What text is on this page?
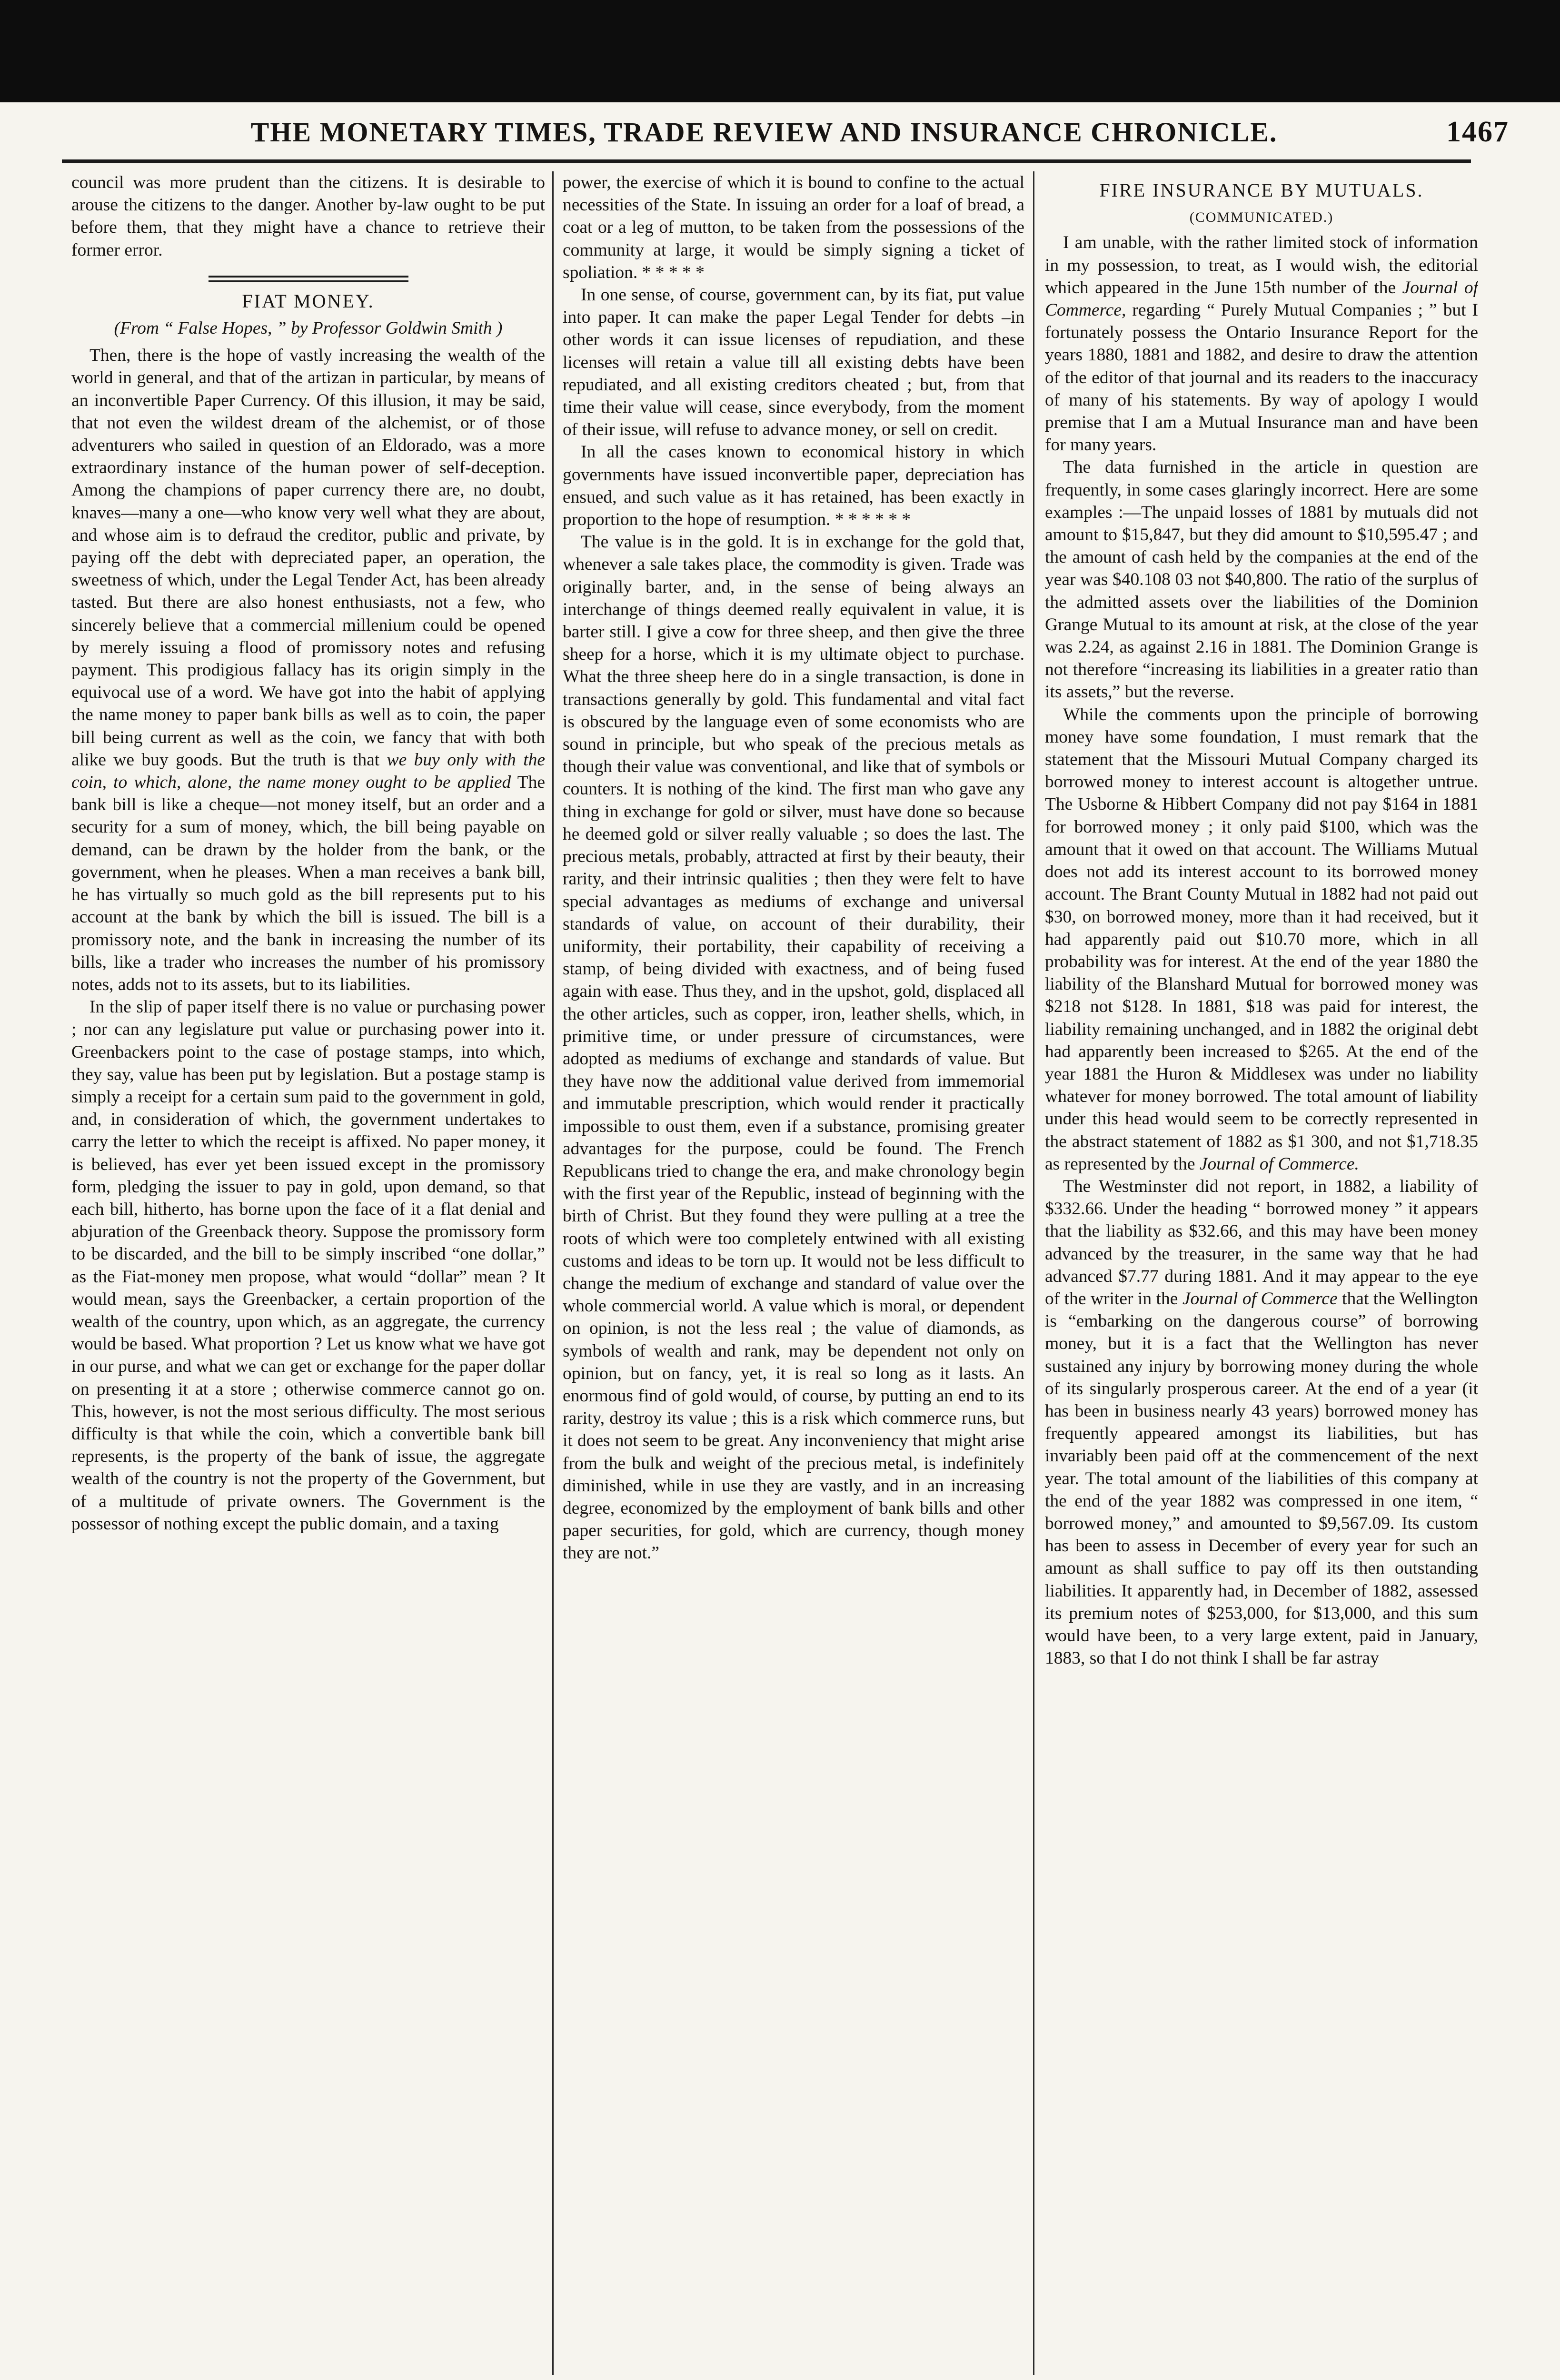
THE MONETARY TIMES, TRADE REVIEW AND INSURANCE CHRONICLE.	1467

council was more prudent than the citizens. It is desirable to arouse the citizens to the danger. Another by-law ought to be put before them, that they might have a chance to retrieve their former error.

FIAT MONEY.

(From “ False Hopes, ” by Professor Goldwin Smith )

Then, there is the hope of vastly increasing the wealth of the world in general, and that of the artizan in particular, by means of an inconvertible Paper Currency. Of this illusion, it may be said, that not even the wildest dream of the alchemist, or of those adventurers who sailed in question of an Eldorado, was a more extraordinary instance of the human power of self-deception. Among the champions of paper currency there are, no doubt, knaves—many a one—who know very well what they are about, and whose aim is to defraud the creditor, public and private, by paying off the debt with depreciated paper, an operation, the sweetness of which, under the Legal Tender Act, has been already tasted. But there are also honest enthusiasts, not a few, who sincerely believe that a commercial millenium could be opened by merely issuing a flood of promissory notes and refusing payment. This prodigious fallacy has its origin simply in the equivocal use of a word. We have got into the habit of applying the name money to paper bank bills as well as to coin, the paper bill being current as well as the coin, we fancy that with both alike we buy goods. But the truth is that we buy only with the coin, to which, alone, the name money ought to be applied The bank bill is like a cheque—not money itself, but an order and a security for a sum of money, which, the bill being payable on demand, can be drawn by the holder from the bank, or the government, when he pleases. When a man receives a bank bill, he has virtually so much gold as the bill represents put to his account at the bank by which the bill is issued. The bill is a promissory note, and the bank in increasing the number of its bills, like a trader who increases the number of his promissory notes, adds not to its assets, but to its liabilities.

In the slip of paper itself there is no value or purchasing power ; nor can any legislature put value or purchasing power into it. Greenbackers point to the case of postage stamps, into which, they say, value has been put by legislation. But a postage stamp is simply a receipt for a certain sum paid to the government in gold, and, in consideration of which, the government undertakes to carry the letter to which the receipt is affixed. No paper money, it is believed, has ever yet been issued except in the promissory form, pledging the issuer to pay in gold, upon demand, so that each bill, hitherto, has borne upon the face of it a flat denial and abjuration of the Greenback theory. Suppose the promissory form to be discarded, and the bill to be simply inscribed “one dollar,” as the Fiat-money men propose, what would “dollar” mean ? It would mean, says the Greenbacker, a certain proportion of the wealth of the country, upon which, as an aggregate, the currency would be based. What proportion ? Let us know what we have got in our purse, and what we can get or exchange for the paper dollar on presenting it at a store ; otherwise commerce cannot go on. This, however, is not the most serious difficulty. The most serious difficulty is that while the coin, which a convertible bank bill represents, is the property of the bank of issue, the aggregate wealth of the country is not the property of the Government, but of a multitude of private owners. The Government is the possessor of nothing except the public domain, and a taxing

power, the exercise of which it is bound to confine to the actual necessities of the State. In issuing an order for a loaf of bread, a coat or a leg of mutton, to be taken from the possessions of the community at large, it would be simply signing a ticket of spoliation. * * * * *

In one sense, of course, government can, by its fiat, put value into paper. It can make the paper Legal Tender for debts –in other words it can issue licenses of repudiation, and these licenses will retain a value till all existing debts have been repudiated, and all existing creditors cheated ; but, from that time their value will cease, since everybody, from the moment of their issue, will refuse to advance money, or sell on credit.

In all the cases known to economical history in which governments have issued inconvertible paper, depreciation has ensued, and such value as it has retained, has been exactly in proportion to the hope of resumption. * * * * * *

The value is in the gold. It is in exchange for the gold that, whenever a sale takes place, the commodity is given. Trade was originally barter, and, in the sense of being always an interchange of things deemed really equivalent in value, it is barter still. I give a cow for three sheep, and then give the three sheep for a horse, which it is my ultimate object to purchase. What the three sheep here do in a single transaction, is done in transactions generally by gold. This fundamental and vital fact is obscured by the language even of some economists who are sound in principle, but who speak of the precious metals as though their value was conventional, and like that of symbols or counters. It is nothing of the kind. The first man who gave any thing in exchange for gold or silver, must have done so because he deemed gold or silver really valuable ; so does the last. The precious metals, probably, attracted at first by their beauty, their rarity, and their intrinsic qualities ; then they were felt to have special advantages as mediums of exchange and universal standards of value, on account of their durability, their uniformity, their portability, their capability of receiving a stamp, of being divided with exactness, and of being fused again with ease. Thus they, and in the upshot, gold, displaced all the other articles, such as copper, iron, leather shells, which, in primitive time, or under pressure of circumstances, were adopted as mediums of exchange and standards of value. But they have now the additional value derived from immemorial and immutable prescription, which would render it practically impossible to oust them, even if a substance, promising greater advantages for the purpose, could be found. The French Republicans tried to change the era, and make chronology begin with the first year of the Republic, instead of beginning with the birth of Christ. But they found they were pulling at a tree the roots of which were too completely entwined with all existing customs and ideas to be torn up. It would not be less difficult to change the medium of exchange and standard of value over the whole commercial world. A value which is moral, or dependent on opinion, is not the less real ; the value of diamonds, as symbols of wealth and rank, may be dependent not only on opinion, but on fancy, yet, it is real so long as it lasts. An enormous find of gold would, of course, by putting an end to its rarity, destroy its value ; this is a risk which commerce runs, but it does not seem to be great. Any inconveniency that might arise from the bulk and weight of the precious metal, is indefinitely diminished, while in use they are vastly, and in an increasing degree, economized by the employment of bank bills and other paper securities, for gold, which are currency, though money they are not.”

FIRE INSURANCE BY MUTUALS.
(COMMUNICATED.)

I am unable, with the rather limited stock of information in my possession, to treat, as I would wish, the editorial which appeared in the June 15th number of the Journal of Commerce, regarding “ Purely Mutual Companies ; ” but I fortunately possess the Ontario Insurance Report for the years 1880, 1881 and 1882, and desire to draw the attention of the editor of that journal and its readers to the inaccuracy of many of his statements. By way of apology I would premise that I am a Mutual Insurance man and have been for many years.

The data furnished in the article in question are frequently, in some cases glaringly incorrect. Here are some examples :—The unpaid losses of 1881 by mutuals did not amount to $15,847, but they did amount to $10,595.47 ; and the amount of cash held by the companies at the end of the year was $40.108 03 not $40,800. The ratio of the surplus of the admitted assets over the liabilities of the Dominion Grange Mutual to its amount at risk, at the close of the year was 2.24, as against 2.16 in 1881. The Dominion Grange is not therefore “increasing its liabilities in a greater ratio than its assets,” but the reverse.

While the comments upon the principle of borrowing money have some foundation, I must remark that the statement that the Missouri Mutual Company charged its borrowed money to interest account is altogether untrue. The Usborne & Hibbert Company did not pay $164 in 1881 for borrowed money ; it only paid $100, which was the amount that it owed on that account. The Williams Mutual does not add its interest account to its borrowed money account. The Brant County Mutual in 1882 had not paid out $30, on borrowed money, more than it had received, but it had apparently paid out $10.70 more, which in all probability was for interest. At the end of the year 1880 the liability of the Blanshard Mutual for borrowed money was $218 not $128. In 1881, $18 was paid for interest, the liability remaining unchanged, and in 1882 the original debt had apparently been increased to $265. At the end of the year 1881 the Huron & Middlesex was under no liability whatever for money borrowed. The total amount of liability under this head would seem to be correctly represented in the abstract statement of 1882 as $1 300, and not $1,718.35 as represented by the Journal of Commerce.

The Westminster did not report, in 1882, a liability of $332.66. Under the heading “ borrowed money ” it appears that the liability as $32.66, and this may have been money advanced by the treasurer, in the same way that he had advanced $7.77 during 1881. And it may appear to the eye of the writer in the Journal of Commerce that the Wellington is “embarking on the dangerous course” of borrowing money, but it is a fact that the Wellington has never sustained any injury by borrowing money during the whole of its singularly prosperous career. At the end of a year (it has been in business nearly 43 years) borrowed money has frequently appeared amongst its liabilities, but has invariably been paid off at the commencement of the next year. The total amount of the liabilities of this company at the end of the year 1882 was compressed in one item, “ borrowed money,” and amounted to $9,567.09. Its custom has been to assess in December of every year for such an amount as shall suffice to pay off its then outstanding liabilities. It apparently had, in December of 1882, assessed its premium notes of $253,000, for $13,000, and this sum would have been, to a very large extent, paid in January, 1883, so that I do not think I shall be far astray
